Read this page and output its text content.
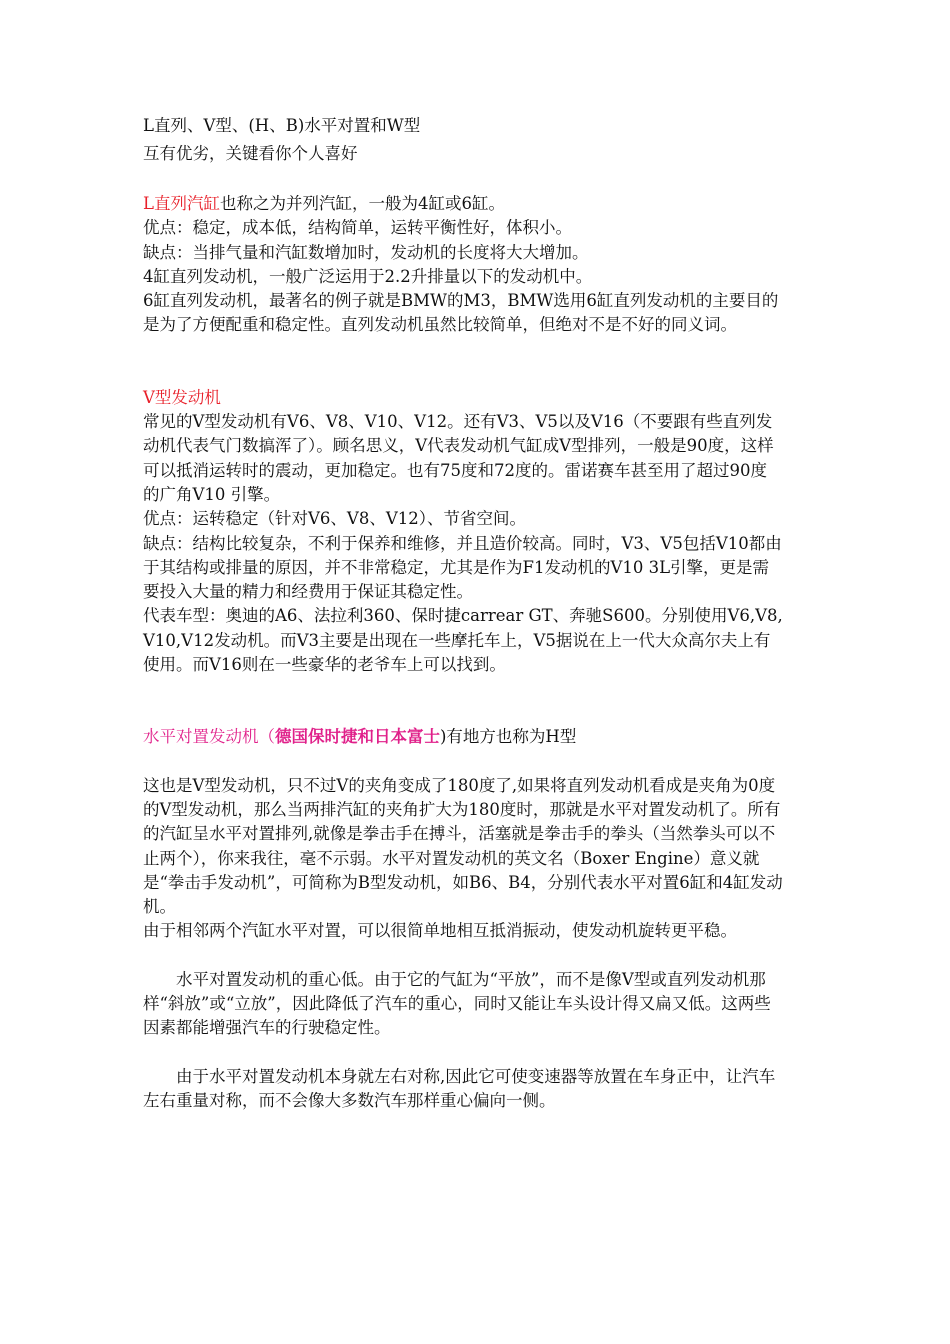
L直列、V型、(H、B)水平对置和W型

互有优劣，关键看你个人喜好

L直列汽缸也称之为并列汽缸，一般为4缸或6缸。

优点：稳定，成本低，结构简单，运转平衡性好，体积小。

缺点：当排气量和汽缸数增加时，发动机的长度将大大增加。

4缸直列发动机，一般广泛运用于2.2升排量以下的发动机中。

6缸直列发动机，最著名的例子就是BMW的M3，BMW选用6缸直列发动机的主要目的是为了方便配重和稳定性。直列发动机虽然比较简单，但绝对不是不好的同义词。

V型发动机

常见的V型发动机有V6、V8、V10、V12。还有V3、V5以及V16（不要跟有些直列发动机代表气门数搞浑了）。顾名思义，V代表发动机气缸成V型排列，一般是90度，这样可以抵消运转时的震动，更加稳定。也有75度和72度的。雷诺赛车甚至用了超过90度的广角V10 引擎。

优点：运转稳定（针对V6、V8、V12）、节省空间。

缺点：结构比较复杂，不利于保养和维修，并且造价较高。同时，V3、V5包括V10都由于其结构或排量的原因，并不非常稳定，尤其是作为F1发动机的V10 3L引擎，更是需要投入大量的精力和经费用于保证其稳定性。

代表车型：奥迪的A6、法拉利360、保时捷carrear GT、奔驰S600。分别使用V6,V8,V10,V12发动机。而V3主要是出现在一些摩托车上，V5据说在上一代大众高尔夫上有使用。而V16则在一些豪华的老爷车上可以找到。

水平对置发动机（德国保时捷和日本富士)有地方也称为H型

这也是V型发动机，只不过V的夹角变成了180度了,如果将直列发动机看成是夹角为0度的V型发动机，那么当两排汽缸的夹角扩大为180度时，那就是水平对置发动机了。所有的汽缸呈水平对置排列,就像是拳击手在搏斗，活塞就是拳击手的拳头（当然拳头可以不止两个），你来我往，毫不示弱。水平对置发动机的英文名（Boxer Engine）意义就是“拳击手发动机”，可简称为B型发动机，如B6、B4，分别代表水平对置6缸和4缸发动机。

由于相邻两个汽缸水平对置，可以很简单地相互抵消振动，使发动机旋转更平稳。

水平对置发动机的重心低。由于它的气缸为“平放”，而不是像V型或直列发动机那样“斜放”或“立放”，因此降低了汽车的重心，同时又能让车头设计得又扁又低。这两些因素都能增强汽车的行驶稳定性。

由于水平对置发动机本身就左右对称,因此它可使变速器等放置在车身正中，让汽车左右重量对称，而不会像大多数汽车那样重心偏向一侧。
